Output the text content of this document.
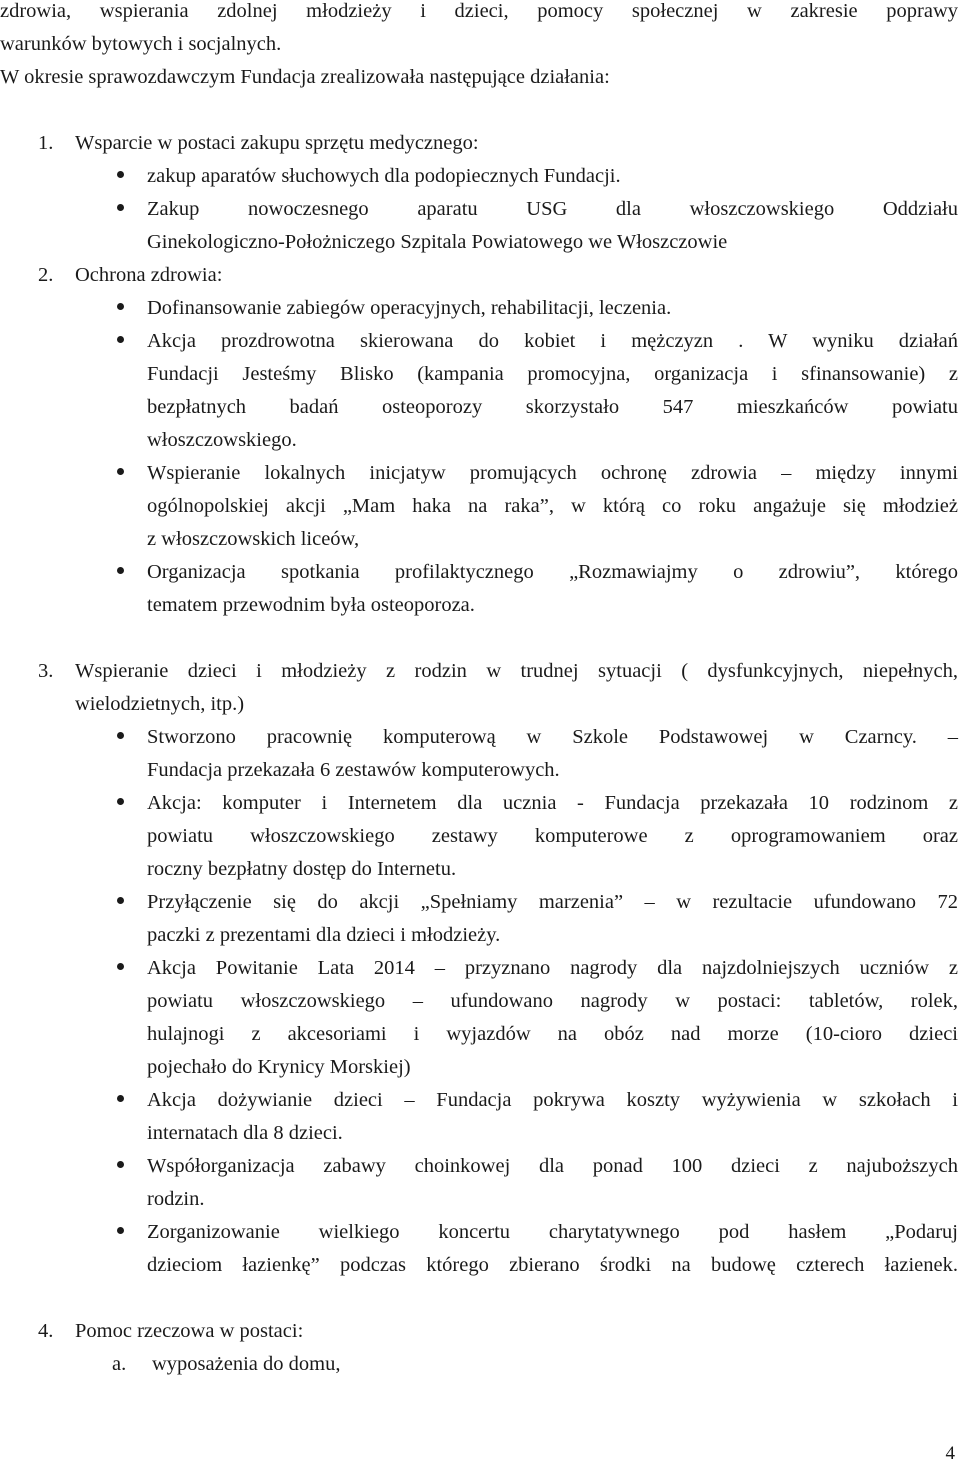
zdrowia, wspierania zdolnej młodzieży i dzieci, pomocy społecznej w zakresie poprawy
warunków bytowych i socjalnych.
W okresie sprawozdawczym Fundacja zrealizowała następujące działania:
1. Wsparcie w postaci zakupu sprzętu medycznego:
zakup aparatów słuchowych dla podopiecznych Fundacji.
Zakup nowoczesnego aparatu USG dla włoszczowskiego Oddziału
Ginekologiczno-Położniczego Szpitala Powiatowego we Włoszczowie
2. Ochrona zdrowia:
Dofinansowanie zabiegów operacyjnych, rehabilitacji, leczenia.
Akcja prozdrowotna skierowana do kobiet i mężczyzn . W wyniku działań
Fundacji Jesteśmy Blisko (kampania promocyjna, organizacja i sfinansowanie) z
bezpłatnych badań osteoporozy skorzystało 547 mieszkańców powiatu
włoszczowskiego.
Wspieranie lokalnych inicjatyw promujących ochronę zdrowia – między innymi
ogólnopolskiej akcji „Mam haka na raka”, w którą co roku angażuje się młodzież
z włoszczowskich liceów,
Organizacja spotkania profilaktycznego „Rozmawiajmy o zdrowiu”, którego
tematem przewodnim była osteoporoza.
3. Wspieranie dzieci i młodzieży z rodzin w trudnej sytuacji ( dysfunkcyjnych, niepełnych,
wielodzietnych, itp.)
Stworzono pracownię komputerową w Szkole Podstawowej w Czarncy. –
Fundacja przekazała 6 zestawów komputerowych.
Akcja: komputer i Internetem dla ucznia - Fundacja przekazała 10 rodzinom z
powiatu włoszczowskiego zestawy komputerowe z oprogramowaniem oraz
roczny bezpłatny dostęp do Internetu.
Przyłączenie się do akcji „Spełniamy marzenia” – w rezultacie ufundowano 72
paczki z prezentami dla dzieci i młodzieży.
Akcja Powitanie Lata 2014 – przyznano nagrody dla najzdolniejszych uczniów z
powiatu włoszczowskiego – ufundowano nagrody w postaci: tabletów, rolek,
hulajnogi z akcesoriami i wyjazdów na obóz nad morze (10-cioro dzieci
pojechało do Krynicy Morskiej)
Akcja dożywianie dzieci – Fundacja pokrywa koszty wyżywienia w szkołach i
internatach dla 8 dzieci.
Współorganizacja zabawy choinkowej dla ponad 100 dzieci z najuboższych
rodzin.
Zorganizowanie wielkiego koncertu charytatywnego pod hasłem „Podaruj
dzieciom łazienkę” podczas którego zbierano środki na budowę czterech łazienek.
4. Pomoc rzeczowa w postaci:
a. wyposażenia do domu,
4
